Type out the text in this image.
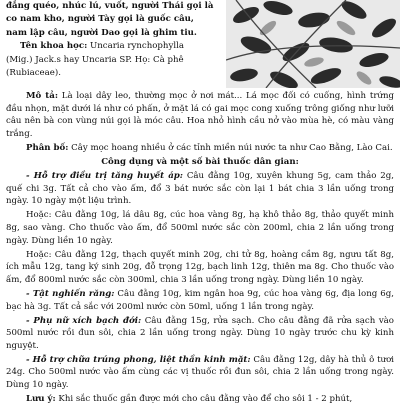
đẳng quéo, nhúc lú, vuốt, người Thái gọi là

co nam kho, người Tày gọi là guốc câu,

nam lập câu, người Dao gọi là ghim tiu.

Tên khoa học: Uncaria rynchophylla

(Mig.) Jack.s hay Uncaria SP. Họ: Cà phê

(Rubiaceae).

Mô tả: Là loại dây leo, thường mọc ở nơi mát... Lá mọc đối có cuống, hình trứng đầu nhọn, mặt dưới lá như có phấn, ở mặt lá có gai mọc cong xuống trông giống như lưỡi câu nên bà con vùng núi gọi là móc câu. Hoa nhỏ hình cầu nở vào mùa hè, có màu vàng trắng.

Phân bố: Cây mọc hoang nhiều ở các tỉnh miền núi nước ta như Cao Bằng, Lào Cai.

Công dụng và một số bài thuốc dân gian:

- Hỗ trợ điều trị tăng huyết áp: Câu đằng 10g, xuyên khung 5g, cam thảo 2g, quế chi 3g. Tất cả cho vào ấm, đổ 3 bát nước sắc còn lại 1 bát chia 3 lần uống trong ngày. 10 ngày một liệu trình.

Hoặc: Câu đằng 10g, lá dâu 8g, cúc hoa vàng 8g, hạ khô thảo 8g, thảo quyết minh 8g, sao vàng. Cho thuốc vào ấm, đổ 500ml nước sắc còn 200ml, chia 2 lần uống trong ngày. Dùng liền 10 ngày.

Hoặc: Câu đằng 12g, thạch quyết minh 20g, chi tử 8g, hoàng cầm 8g, ngưu tất 8g, ích mẫu 12g, tang ký sinh 20g, đỗ trọng 12g, bạch linh 12g, thiên ma 8g. Cho thuốc vào ấm, đổ 800ml nước sắc còn 300ml, chia 3 lần uống trong ngày. Dùng liền 10 ngày.

- Tật nghiến răng: Câu đằng 10g, kim ngân hoa 9g, cúc hoa vàng 6g, địa long 6g, bạc hà 3g. Tất cả sắc với 200ml nước còn 50ml, uống 1 lần trong ngày.

- Phụ nữ xích bạch đới: Câu đằng 15g, rửa sạch. Cho câu đằng đã rửa sạch vào 500ml nước rồi đun sôi, chia 2 lần uống trong ngày. Dùng 10 ngày trước chu kỳ kinh nguyệt.

- Hỗ trợ chữa trúng phong, liệt thần kinh mặt: Câu đằng 12g, dây hà thủ ô tươi 24g. Cho 500ml nước vào ấm cùng các vị thuốc rồi đun sôi, chia 2 lần uống trong ngày. Dùng 10 ngày.

Lưu ý: Khi sắc thuốc gần được mới cho câu đằng vào để cho sôi 1 - 2 phút,
